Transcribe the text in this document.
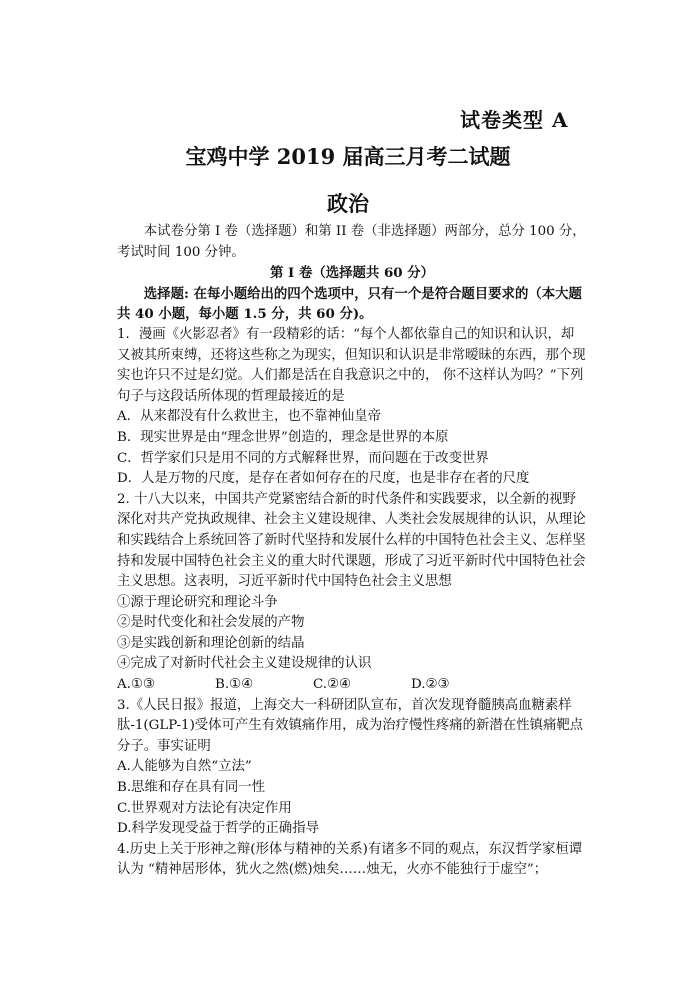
试卷类型 A
宝鸡中学 2019 届高三月考二试题
政治

本试卷分第 I 卷（选择题）和第 II 卷（非选择题）两部分，总分 100 分，考试时间 100 分钟。

第 I 卷（选择题共 60 分）

选择题: 在每小题给出的四个选项中，只有一个是符合题目要求的（本大题共 40 小题，每小题 1.5 分，共 60 分)。

1．漫画《火影忍者》有一段精彩的话：“每个人都依靠自己的知识和认识，却又被其所束缚，还将这些称之为现实，但知识和认识是非常暧昧的东西，那个现实也许只不过是幻觉。人们都是活在自我意识之中的， 你不这样认为吗？”下列句子与这段话所体现的哲理最接近的是

A．从来都没有什么救世主，也不靠神仙皇帝

B．现实世界是由“理念世界”创造的，理念是世界的本原

C．哲学家们只是用不同的方式解释世界，而问题在于改变世界

D．人是万物的尺度，是存在者如何存在的尺度，也是非存在者的尺度

2. 十八大以来，中国共产党紧密结合新的时代条件和实践要求，以全新的视野深化对共产党执政规律、社会主义建设规律、人类社会发展规律的认识，从理论和实践结合上系统回答了新时代坚持和发展什么样的中国特色社会主义、怎样坚持和发展中国特色社会主义的重大时代课题，形成了习近平新时代中国特色社会主义思想。这表明，习近平新时代中国特色社会主义思想

①源于理论研究和理论斗争

②是时代变化和社会发展的产物

③是实践创新和理论创新的结晶

④完成了对新时代社会主义建设规律的认识

A.①③	B.①④	C.②④	D.②③

3.《人民日报》报道，上海交大一科研团队宣布，首次发现脊髓胰高血糖素样肽-1(GLP-1)受体可产生有效镇痛作用，成为治疗慢性疼痛的新潜在性镇痛靶点分子。事实证明

A.人能够为自然“立法”

B.思维和存在具有同一性

C.世界观对方法论有决定作用

D.科学发现受益于哲学的正确指导

4.历史上关于形神之辩(形体与精神的关系)有诸多不同的观点，东汉哲学家桓谭认为 “精神居形体，犹火之然(燃)烛矣……烛无，火亦不能独行于虚空”；
